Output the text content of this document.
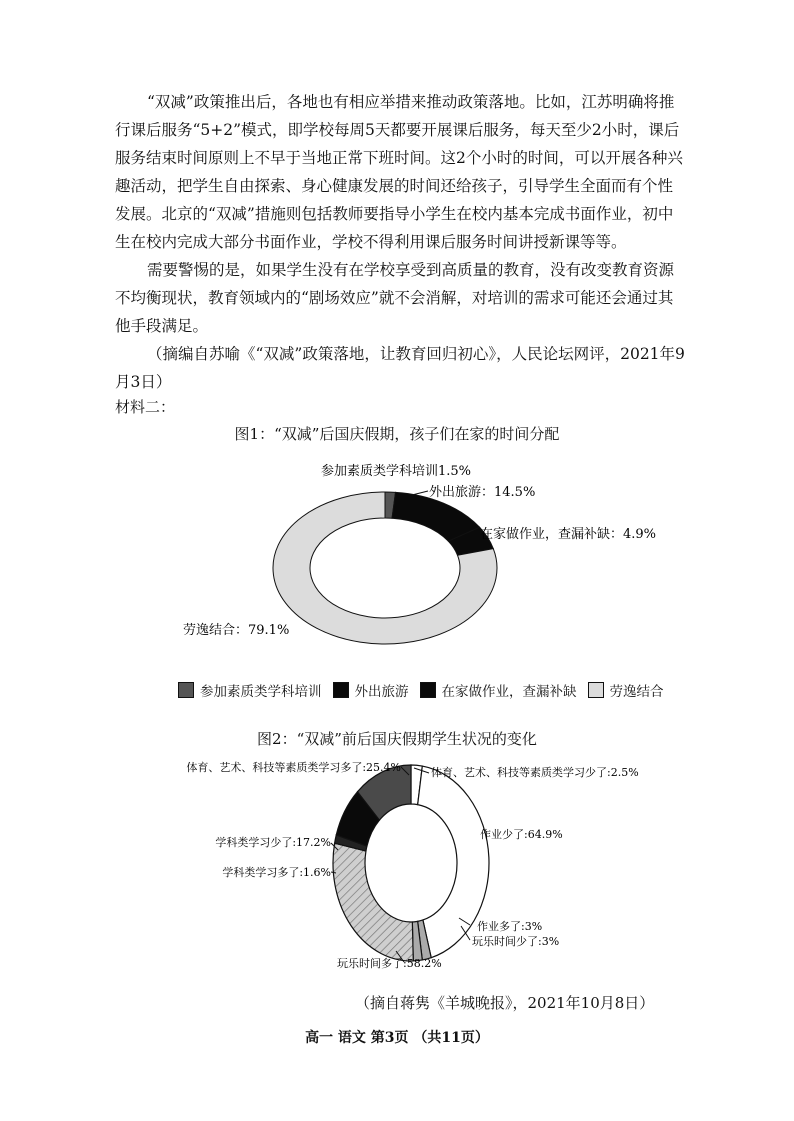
“双减”政策推出后，各地也有相应举措来推动政策落地。比如，江苏明确将推行课后服务“5+2”模式，即学校每周5天都要开展课后服务，每天至少2小时，课后服务结束时间原则上不早于当地正常下班时间。这2个小时的时间，可以开展各种兴趣活动，把学生自由探索、身心健康发展的时间还给孩子，引导学生全面而有个性发展。北京的“双减”措施则包括教师要指导小学生在校内基本完成书面作业，初中生在校内完成大部分书面作业，学校不得利用课后服务时间讲授新课等等。

需要警惕的是，如果学生没有在学校享受到高质量的教育，没有改变教育资源不均衡现状，教育领域内的“剧场效应”就不会消解，对培训的需求可能还会通过其他手段满足。

（摘编自苏喻《“双减”政策落地，让教育回归初心》，人民论坛网评，2021年9月3日）

材料二：
图1：“双减”后国庆假期，孩子们在家的时间分配
参加素质类学科培训1.5%
外出旅游：14.5%
在家做作业，查漏补缺：4.9%
劳逸结合：79.1%
参加素质类学科培训 外出旅游 在家做作业，查漏补缺 劳逸结合
图2：“双减”前后国庆假期学生状况的变化
体育、艺术、科技等素质类学习少了:2.5%
作业少了:64.9%
作业多了:3%
玩乐时间少了:3%
玩乐时间多了:58.2%
学科类学习多了:1.6%
学科类学习少了:17.2%
体育、艺术、科技等素质类学习多了:25.4%
（摘自蒋隽《羊城晚报》，2021年10月8日）
高一 语文 第3页 （共11页）
